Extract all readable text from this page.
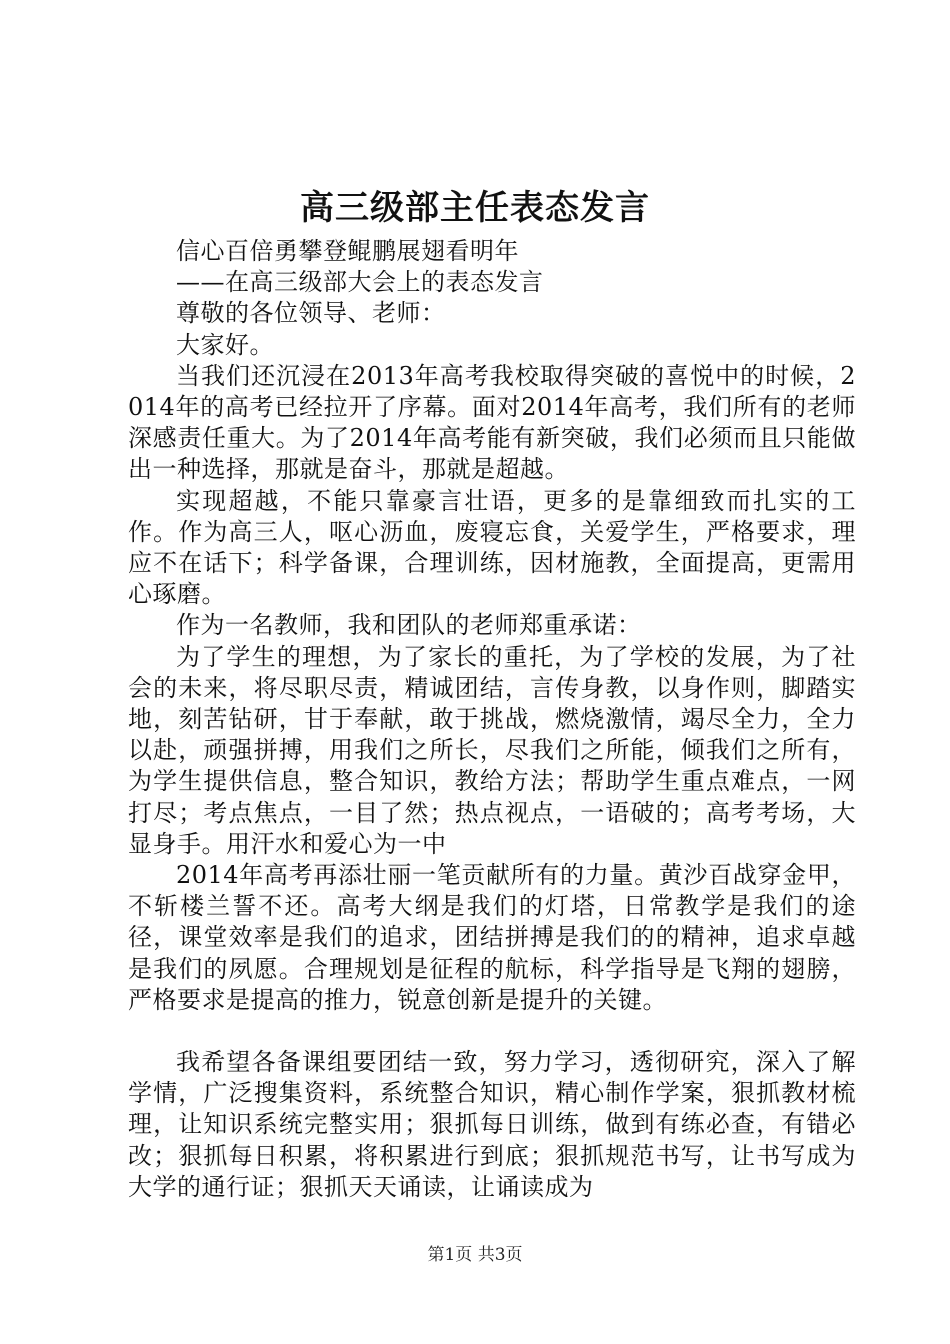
高三级部主任表态发言

信心百倍勇攀登鲲鹏展翅看明年

——在高三级部大会上的表态发言

尊敬的各位领导、老师：

大家好。

当我们还沉浸在2013年高考我校取得突破的喜悦中的时候，2014年的高考已经拉开了序幕。面对2014年高考，我们所有的老师深感责任重大。为了2014年高考能有新突破，我们必须而且只能做出一种选择，那就是奋斗，那就是超越。

实现超越，不能只靠豪言壮语，更多的是靠细致而扎实的工作。作为高三人，呕心沥血，废寝忘食，关爱学生，严格要求，理应不在话下；科学备课，合理训练，因材施教，全面提高，更需用心琢磨。

作为一名教师，我和团队的老师郑重承诺：

为了学生的理想，为了家长的重托，为了学校的发展，为了社会的未来，将尽职尽责，精诚团结，言传身教，以身作则，脚踏实地，刻苦钻研，甘于奉献，敢于挑战，燃烧激情，竭尽全力，全力以赴，顽强拼搏，用我们之所长，尽我们之所能，倾我们之所有，为学生提供信息，整合知识，教给方法；帮助学生重点难点，一网打尽；考点焦点，一目了然；热点视点，一语破的；高考考场，大显身手。用汗水和爱心为一中

2014年高考再添壮丽一笔贡献所有的力量。黄沙百战穿金甲，不斩楼兰誓不还。高考大纲是我们的灯塔，日常教学是我们的途径，课堂效率是我们的追求，团结拼搏是我们的的精神，追求卓越是我们的夙愿。合理规划是征程的航标，科学指导是飞翔的翅膀，严格要求是提高的推力，锐意创新是提升的关键。

我希望各备课组要团结一致，努力学习，透彻研究，深入了解学情，广泛搜集资料，系统整合知识，精心制作学案，狠抓教材梳理，让知识系统完整实用；狠抓每日训练，做到有练必查，有错必改；狠抓每日积累，将积累进行到底；狠抓规范书写，让书写成为大学的通行证；狠抓天天诵读，让诵读成为

第1页 共3页
